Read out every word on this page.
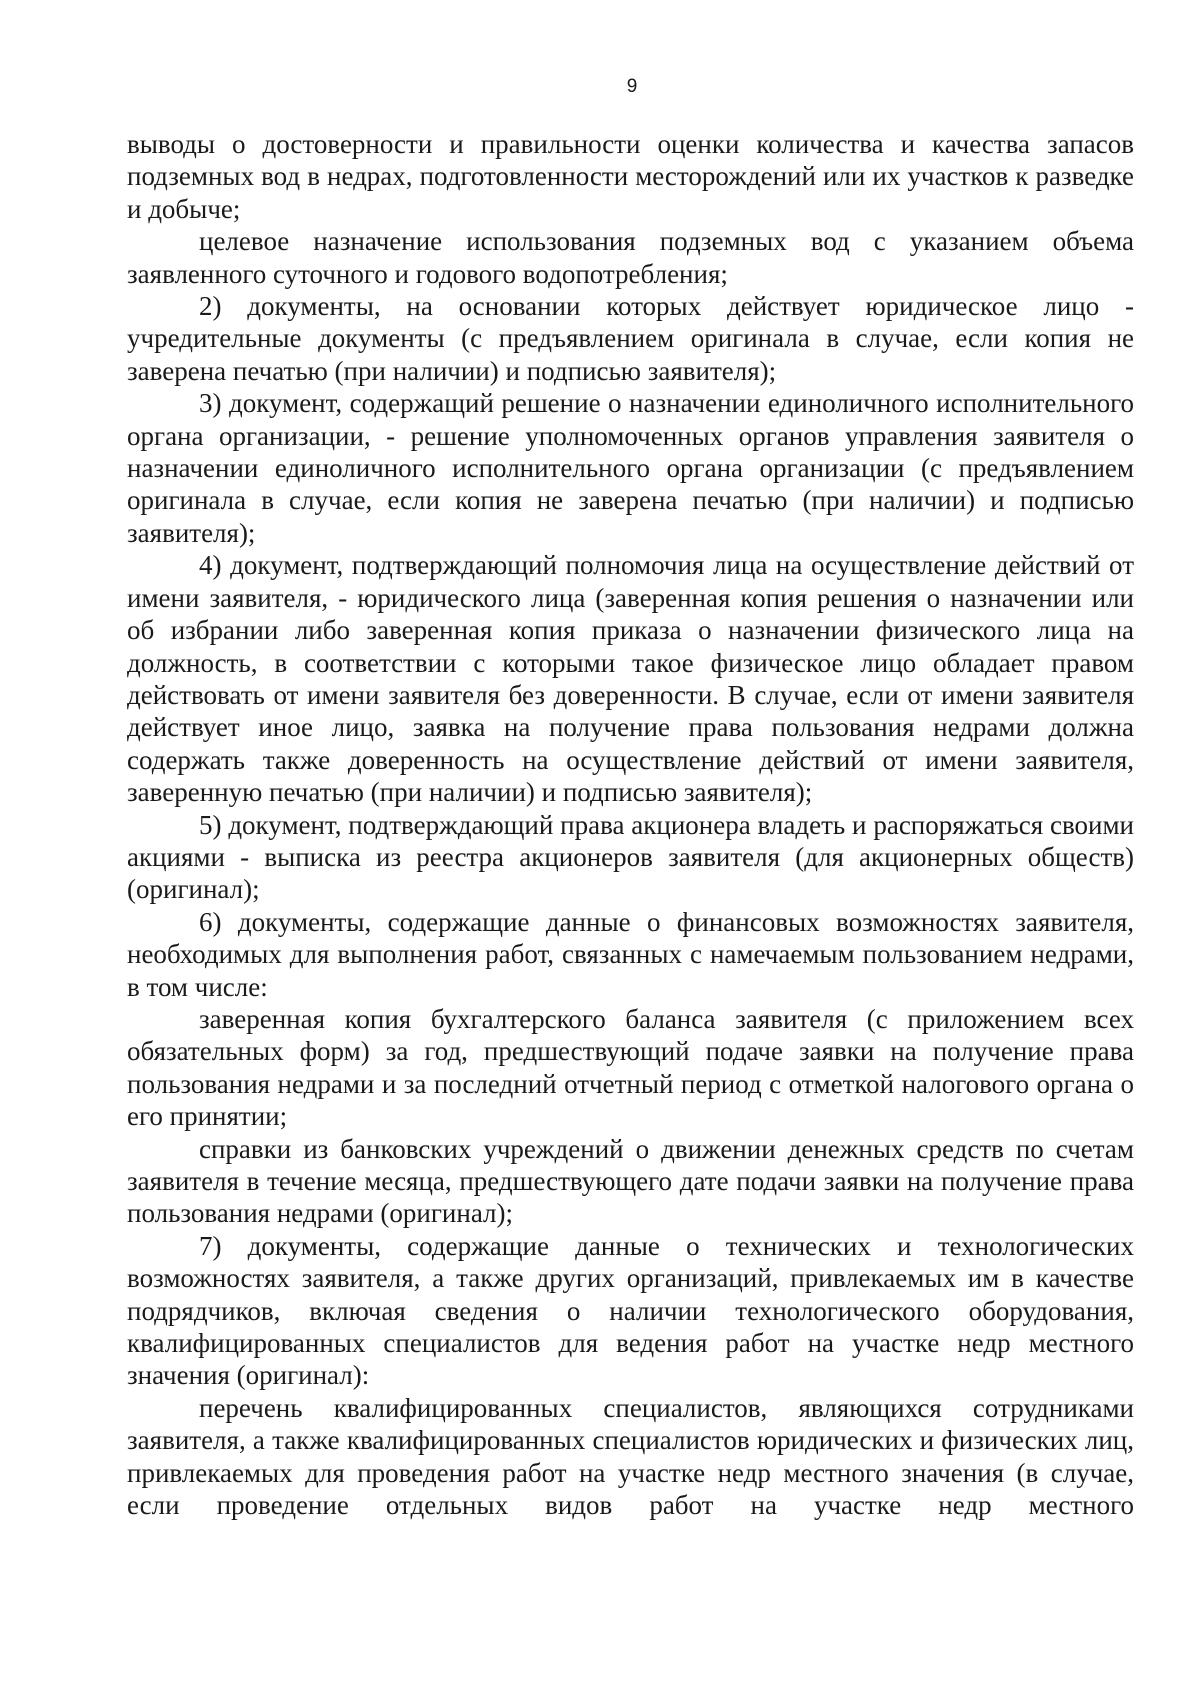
9

выводы о достоверности и правильности оценки количества и качества запасов подземных вод в недрах, подготовленности месторождений или их участков к разведке и добыче;

целевое назначение использования подземных вод с указанием объема заявленного суточного и годового водопотребления;

2) документы, на основании которых действует юридическое лицо - учредительные документы (с предъявлением оригинала в случае, если копия не заверена печатью (при наличии) и подписью заявителя);

3) документ, содержащий решение о назначении единоличного исполнительного органа организации, - решение уполномоченных органов управления заявителя о назначении единоличного исполнительного органа организации (с предъявлением оригинала в случае, если копия не заверена печатью (при наличии) и подписью заявителя);

4) документ, подтверждающий полномочия лица на осуществление действий от имени заявителя, - юридического лица (заверенная копия решения о назначении или об избрании либо заверенная копия приказа о назначении физического лица на должность, в соответствии с которыми такое физическое лицо обладает правом действовать от имени заявителя без доверенности. В случае, если от имени заявителя действует иное лицо, заявка на получение права пользования недрами должна содержать также доверенность на осуществление действий от имени заявителя, заверенную печатью (при наличии) и подписью заявителя);

5) документ, подтверждающий права акционера владеть и распоряжаться своими акциями - выписка из реестра акционеров заявителя (для акционерных обществ) (оригинал);

6) документы, содержащие данные о финансовых возможностях заявителя, необходимых для выполнения работ, связанных с намечаемым пользованием недрами, в том числе:

заверенная копия бухгалтерского баланса заявителя (с приложением всех обязательных форм) за год, предшествующий подаче заявки на получение права пользования недрами и за последний отчетный период с отметкой налогового органа о его принятии;

справки из банковских учреждений о движении денежных средств по счетам заявителя в течение месяца, предшествующего дате подачи заявки на получение права пользования недрами (оригинал);

7) документы, содержащие данные о технических и технологических возможностях заявителя, а также других организаций, привлекаемых им в качестве подрядчиков, включая сведения о наличии технологического оборудования, квалифицированных специалистов для ведения работ на участке недр местного значения (оригинал):

перечень квалифицированных специалистов, являющихся сотрудниками заявителя, а также квалифицированных специалистов юридических и физических лиц, привлекаемых для проведения работ на участке недр местного значения (в случае, если проведение отдельных видов работ на участке недр местного
